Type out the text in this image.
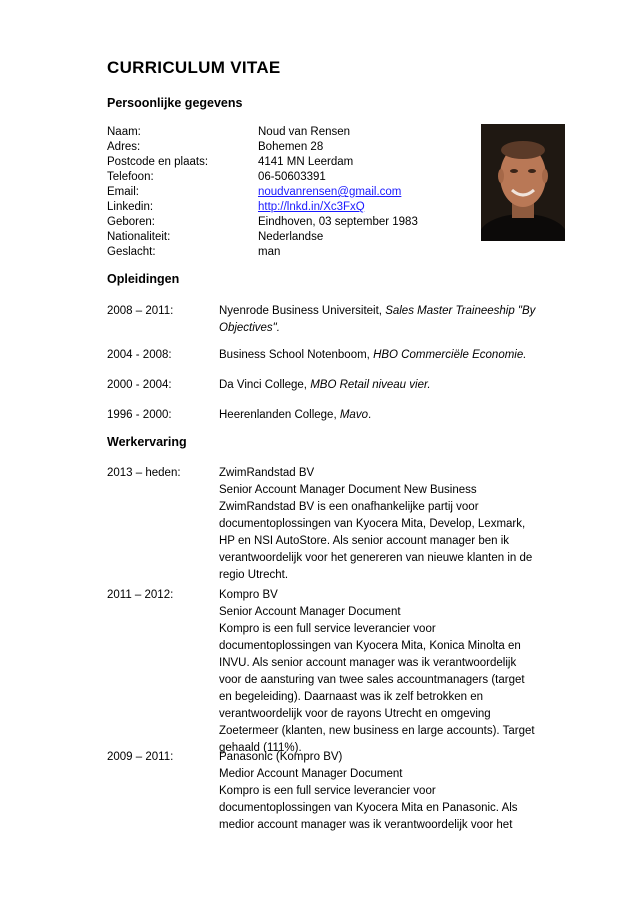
CURRICULUM VITAE
Persoonlijke gegevens
Naam:	Noud van Rensen
Adres:	Bohemen 28
Postcode en plaats:	4141 MN Leerdam
Telefoon:	06-50603391
Email:	noudvanrensen@gmail.com
Linkedin:	http://lnkd.in/Xc3FxQ
Geboren:	Eindhoven, 03 september 1983
Nationaliteit:	Nederlandse
Geslacht:	man
Opleidingen
2008 – 2011:	Nyenrode Business Universiteit, Sales Master Traineeship "By
Objectives".
2004 - 2008:	Business School Notenboom, HBO Commerciële Economie.
2000 - 2004:	Da Vinci College, MBO Retail niveau vier.
1996 - 2000:	Heerenlanden College, Mavo.
Werkervaring
2013 – heden:	ZwimRandstad BV
Senior Account Manager Document New Business
ZwimRandstad BV is een onafhankelijke partij voor
documentoplossingen van Kyocera Mita, Develop, Lexmark,
HP en NSI AutoStore. Als senior account manager ben ik
verantwoordelijk voor het genereren van nieuwe klanten in de
regio Utrecht.
2011 – 2012:	Kompro BV
Senior Account Manager Document
Kompro is een full service leverancier voor
documentoplossingen van Kyocera Mita, Konica Minolta en
INVU. Als senior account manager was ik verantwoordelijk
voor de aansturing van twee sales accountmanagers (target
en begeleiding). Daarnaast was ik zelf betrokken en
verantwoordelijk voor de rayons Utrecht en omgeving
Zoetermeer (klanten, new business en large accounts). Target
gehaald (111%).
2009 – 2011:	Panasonic (Kompro BV)
Medior Account Manager Document
Kompro is een full service leverancier voor
documentoplossingen van Kyocera Mita en Panasonic. Als
medior account manager was ik verantwoordelijk voor het
